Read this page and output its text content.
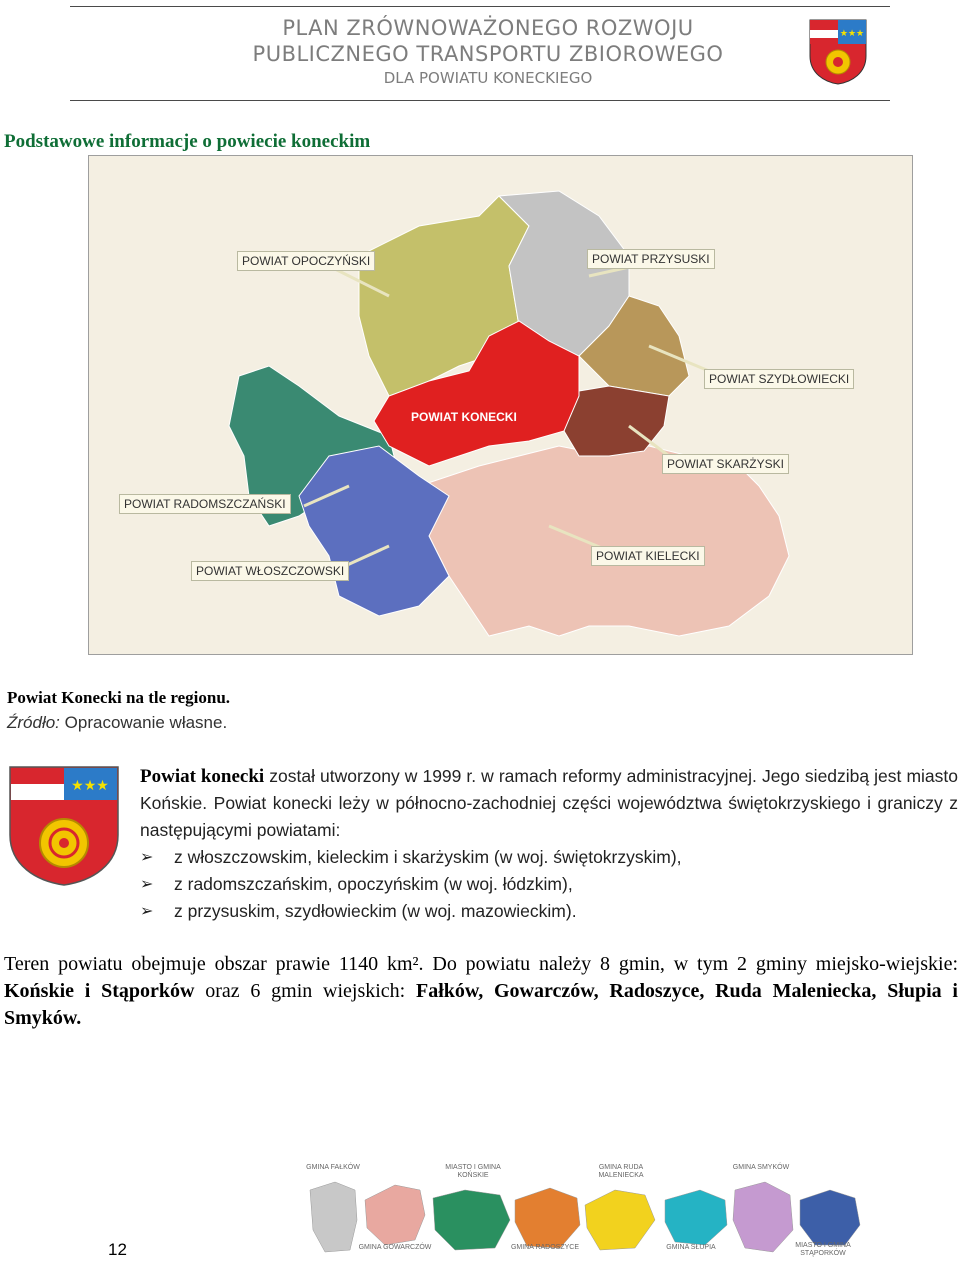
PLAN ZRÓWNOWAŻONEGO ROZWOJU
PUBLICZNEGO TRANSPORTU ZBIOROWEGO
DLA POWIATU KONECKIEGO
★★★
Podstawowe informacje o powiecie koneckim
POWIAT OPOCZYŃSKI	POWIAT PRZYSUSKI
POWIAT SZYDŁOWIECKI
POWIAT KONECKI
POWIAT SKARŻYSKI
POWIAT RADOMSZCZAŃSKI
POWIAT KIELECKI
POWIAT WŁOSZCZOWSKI
Powiat Konecki na tle regionu.
Źródło: Opracowanie własne.
★★★ Powiat konecki został utworzony w 1999 r. w ramach reformy administracyjnej. Jego siedzibą jest miasto Końskie. Powiat konecki leży w północno-zachodniej części województwa świętokrzyskiego i graniczy z następującymi powiatami:
➢ z włoszczowskim, kieleckim i skarżyskim (w woj. świętokrzyskim),
➢ z radomszczańskim, opoczyńskim (w woj. łódzkim),
➢ z przysuskim, szydłowieckim (w woj. mazowieckim).
Teren powiatu obejmuje obszar prawie 1140 km². Do powiatu należy 8 gmin, w tym 2 gminy miejsko-wiejskie: Końskie i Stąporków oraz 6 gmin wiejskich: Fałków, Gowarczów, Radoszyce, Ruda Maleniecka, Słupia i Smyków.
GMINA FAŁKÓW
GMINA GOWARCZÓW
MIASTO I GMINA KOŃSKIE
GMINA RADOSZYCE
GMINA RUDA MALENIECKA
GMINA SŁUPIA
GMINA SMYKÓW
MIASTO I GMINA STĄPORKÓW
12
